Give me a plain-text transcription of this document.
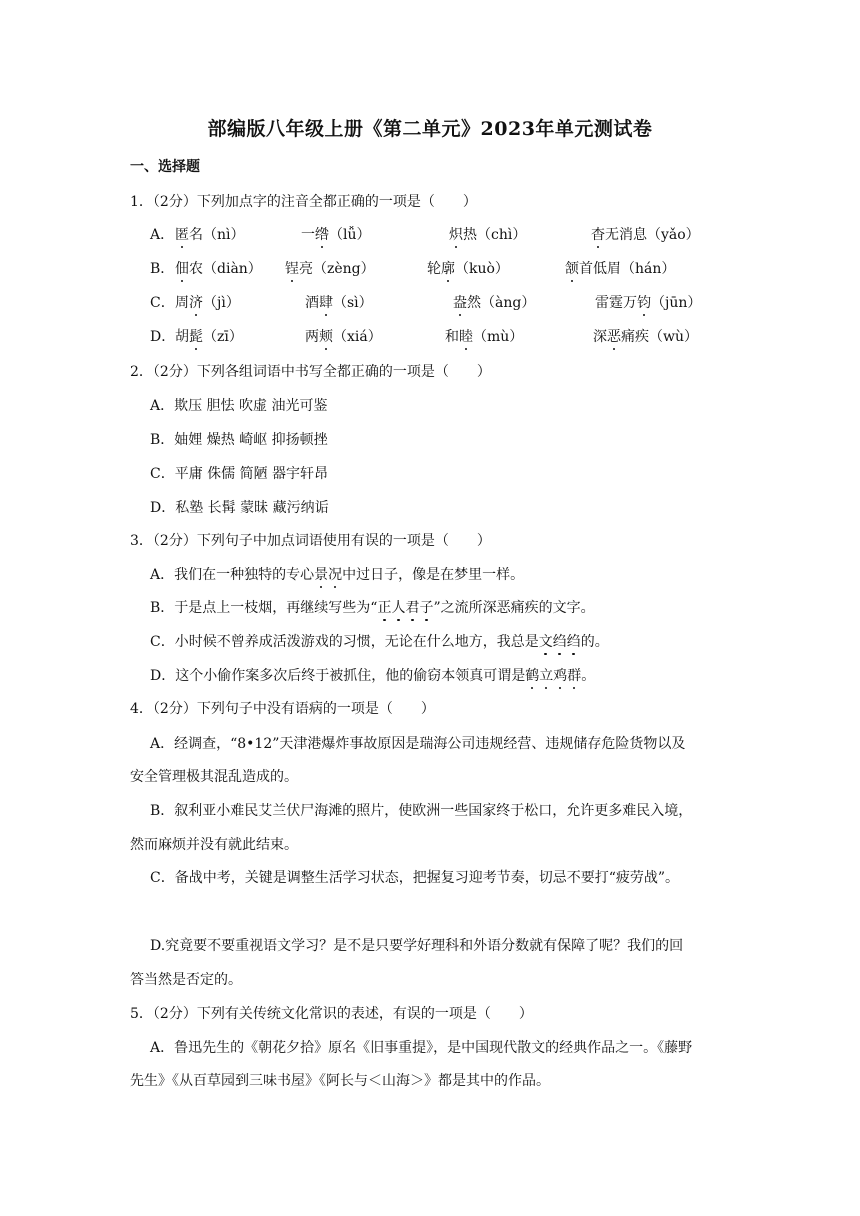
部编版八年级上册《第二单元》2023年单元测试卷
一、选择题
1．（2分）下列加点字的注音全都正确的一项是（　　）
A． 匿名（nì）	一绺（lǚ）	炽热（chì）	杳无消息（yǎo）
B． 佃农（diàn） 锃亮（zèng）	轮廓（kuò）	颔首低眉（hán）
C． 周济（jì）	酒肆（sì）	盎然（àng）	雷霆万钧（jūn）
D． 胡髭（zī）	两颊（xiá）	和睦（mù）	深恶痛疾（wù）
2．（2分）下列各组词语中书写全都正确的一项是（　　）
A．欺压 胆怯 吹虚 油光可鉴
B．妯娌 燥热 崎岖 抑扬顿挫
C．平庸 侏儒 简陋 器宇轩昂
D．私塾 长髯 蒙昧 藏污纳诟
3．（2分）下列句子中加点词语使用有误的一项是（　　）
A．我们在一种独特的专心景况中过日子，像是在梦里一样。
B．于是点上一枝烟，再继续写些为“正人君子”之流所深恶痛疾的文字。
C．小时候不曾养成活泼游戏的习惯，无论在什么地方，我总是文绉绉的。
D．这个小偷作案多次后终于被抓住，他的偷窃本领真可谓是鹤立鸡群。
4．（2分）下列句子中没有语病的一项是（　　）
A．经调查，“8•12”天津港爆炸事故原因是瑞海公司违规经营、违规储存危险货物以及
安全管理极其混乱造成的。
B．叙利亚小难民艾兰伏尸海滩的照片，使欧洲一些国家终于松口，允许更多难民入境，
然而麻烦并没有就此结束。
C．备战中考，关键是调整生活学习状态，把握复习迎考节奏，切忌不要打“疲劳战”。
D.究竟要不要重视语文学习？是不是只要学好理科和外语分数就有保障了呢？我们的回
答当然是否定的。
5．（2分）下列有关传统文化常识的表述，有误的一项是（　　）
A．鲁迅先生的《朝花夕拾》原名《旧事重提》，是中国现代散文的经典作品之一。《藤野
先生》《从百草园到三味书屋》《阿长与＜山海＞》都是其中的作品。
